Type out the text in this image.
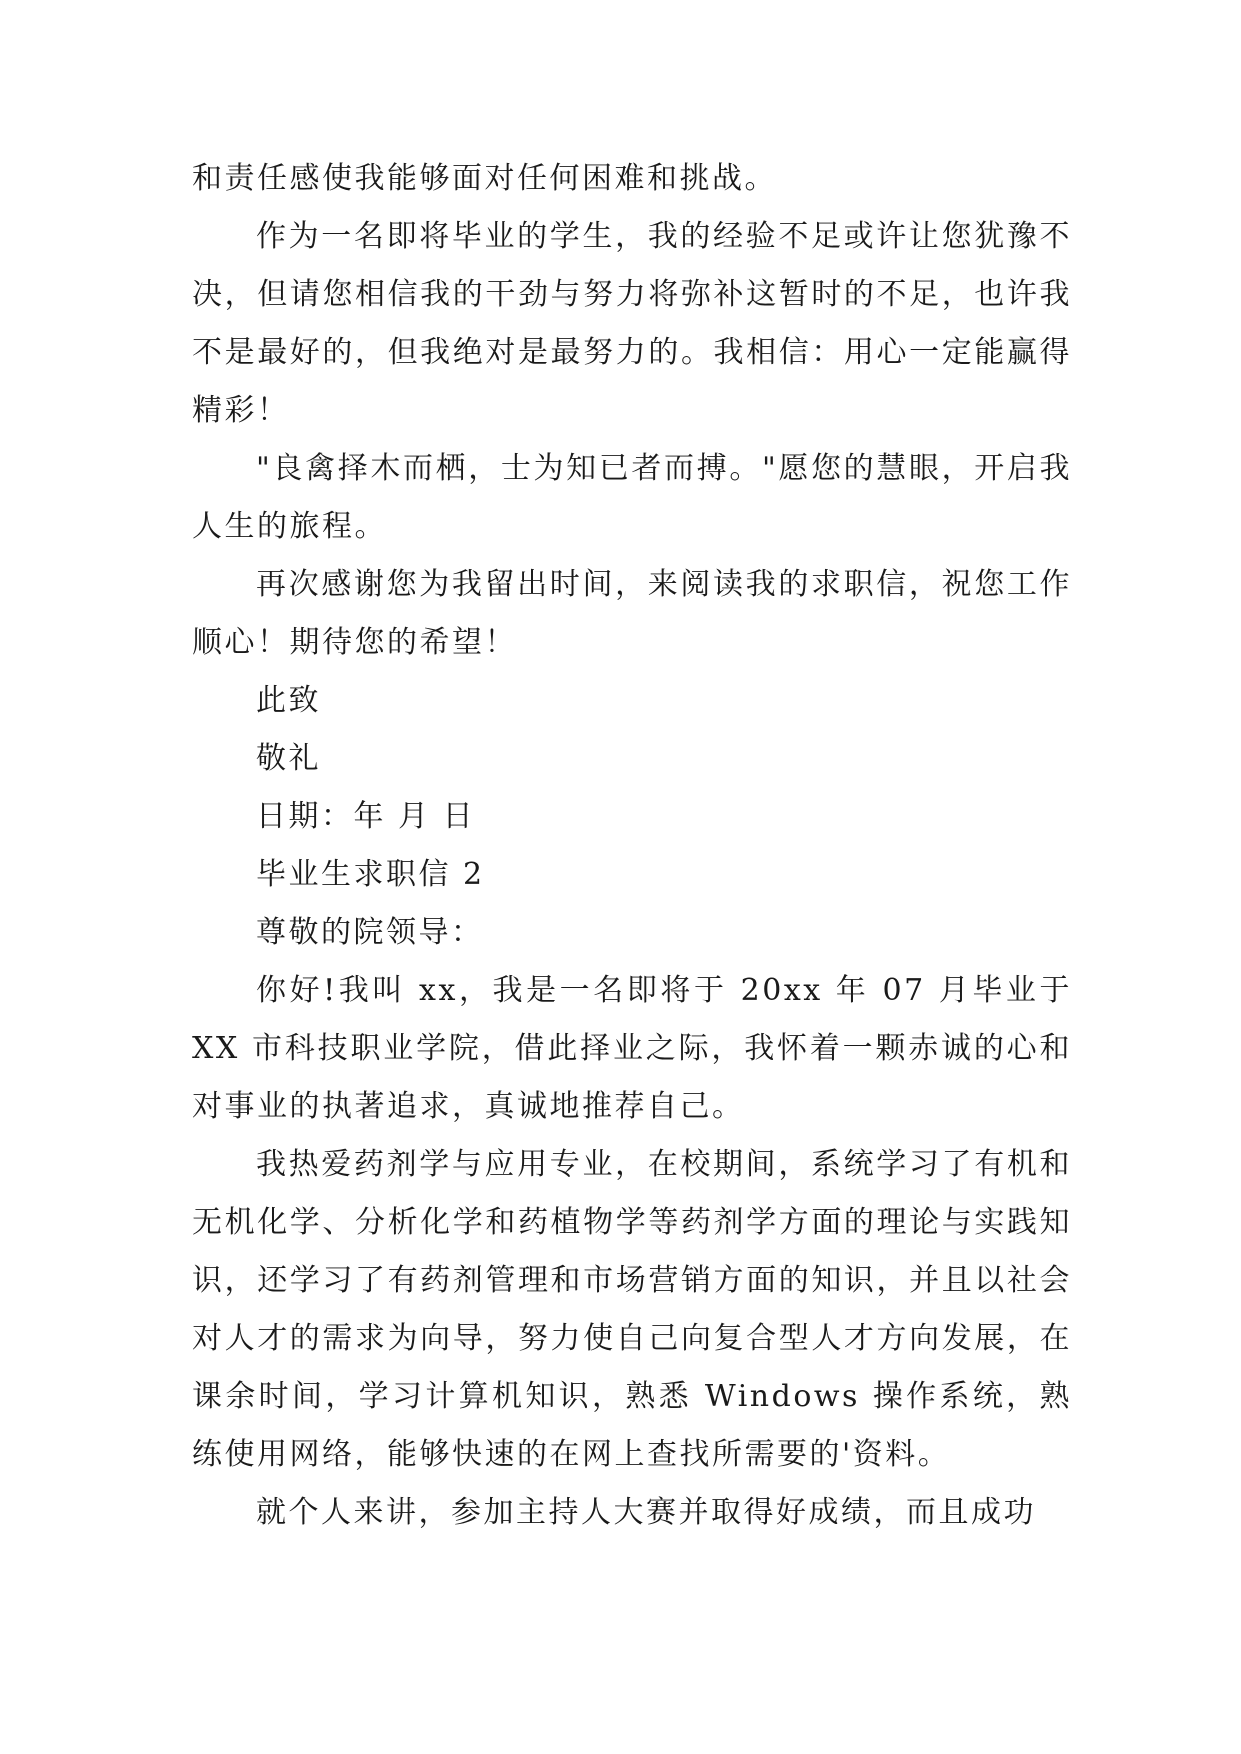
和责任感使我能够面对任何困难和挑战。

作为一名即将毕业的学生，我的经验不足或许让您犹豫不决，但请您相信我的干劲与努力将弥补这暂时的不足，也许我不是最好的，但我绝对是最努力的。我相信：用心一定能赢得精彩！

"良禽择木而栖，士为知已者而搏。"愿您的慧眼，开启我人生的旅程。

再次感谢您为我留出时间，来阅读我的求职信，祝您工作顺心！期待您的希望！

此致

敬礼

日期：年 月 日

毕业生求职信 2

尊敬的院领导：

你好!我叫 xx，我是一名即将于 20xx 年 07 月毕业于 XX 市科技职业学院，借此择业之际，我怀着一颗赤诚的心和对事业的执著追求，真诚地推荐自己。

我热爱药剂学与应用专业，在校期间，系统学习了有机和无机化学、分析化学和药植物学等药剂学方面的理论与实践知识，还学习了有药剂管理和市场营销方面的知识，并且以社会对人才的需求为向导，努力使自己向复合型人才方向发展，在课余时间，学习计算机知识，熟悉 Windows 操作系统，熟练使用网络，能够快速的在网上查找所需要的'资料。

就个人来讲，参加主持人大赛并取得好成绩，而且成功
